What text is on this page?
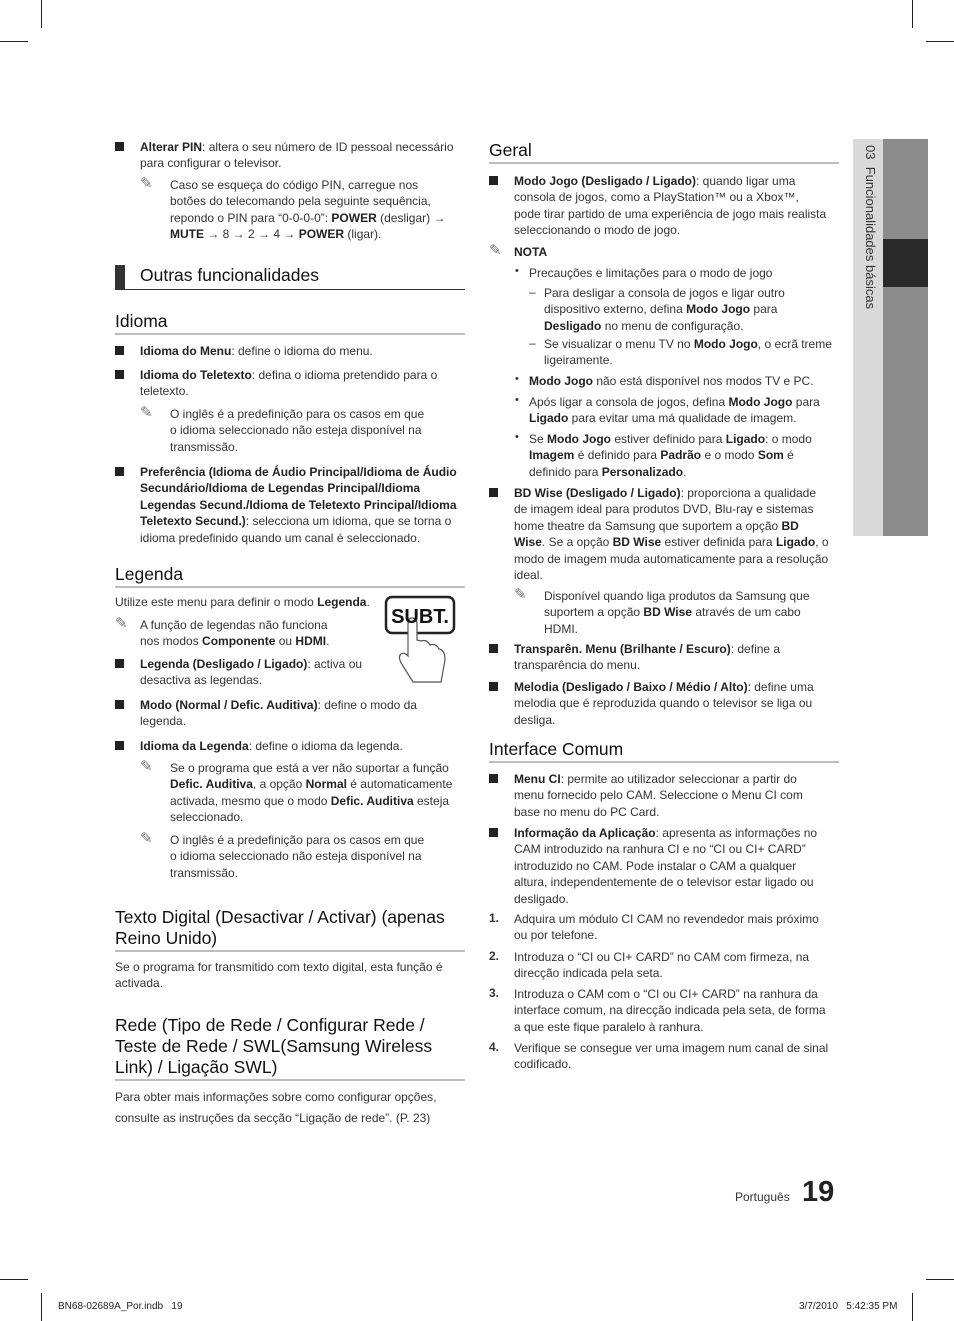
03  Funcionalidades básicas
Alterar PIN: altera o seu número de ID pessoal necessário para configurar o televisor.
✎ Caso se esqueça do código PIN, carregue nos
botões do telecomando pela seguinte sequência,
repondo o PIN para “0-0-0-0”: POWER (desligar) →
MUTE → 8 → 2 → 4 → POWER (ligar).
Outras funcionalidades
Idioma
Idioma do Menu: define o idioma do menu.
Idioma do Teletexto: defina o idioma pretendido para o teletexto.
✎ O inglês é a predefinição para os casos em que
o idioma seleccionado não esteja disponível na
transmissão.
Preferência (Idioma de Áudio Principal/Idioma de Áudio
Secundário/Idioma de Legendas Principal/Idioma
Legendas Secund./Idioma de Teletexto Principal/Idioma
Teletexto Secund.): selecciona um idioma, que se torna o
idioma predefinido quando um canal é seleccionado.
Legenda
Utilize este menu para definir o modo Legenda.
✎ A função de legendas não funciona
nos modos Componente ou HDMI.
SUBT.
Legenda (Desligado / Ligado): activa ou
desactiva as legendas.
Modo (Normal / Defic. Auditiva): define o modo da
legenda.
Idioma da Legenda: define o idioma da legenda.
✎ Se o programa que está a ver não suportar a função
Defic. Auditiva, a opção Normal é automaticamente
activada, mesmo que o modo Defic. Auditiva esteja
seleccionado.
✎ O inglês é a predefinição para os casos em que
o idioma seleccionado não esteja disponível na
transmissão.
Texto Digital (Desactivar / Activar) (apenas
Reino Unido)
Se o programa for transmitido com texto digital, esta função é
activada.
Rede (Tipo de Rede / Configurar Rede /
Teste de Rede / SWL(Samsung Wireless
Link) / Ligação SWL)
Para obter mais informações sobre como configurar opções,
consulte as instruções da secção “Ligação de rede”. (P. 23)
Geral
Modo Jogo (Desligado / Ligado): quando ligar uma
consola de jogos, como a PlayStation™ ou a Xbox™,
pode tirar partido de uma experiência de jogo mais realista
seleccionando o modo de jogo.
✎ NOTA
• Precauções e limitações para o modo de jogo
– Para desligar a consola de jogos e ligar outro
dispositivo externo, defina Modo Jogo para
Desligado no menu de configuração.
– Se visualizar o menu TV no Modo Jogo, o ecrã treme
ligeiramente.
• Modo Jogo não está disponível nos modos TV e PC.
• Após ligar a consola de jogos, defina Modo Jogo para
Ligado para evitar uma má qualidade de imagem.
• Se Modo Jogo estiver definido para Ligado: o modo
Imagem é definido para Padrão e o modo Som é
definido para Personalizado.
BD Wise (Desligado / Ligado): proporciona a qualidade
de imagem ideal para produtos DVD, Blu-ray e sistemas
home theatre da Samsung que suportem a opção BD
Wise. Se a opção BD Wise estiver definida para Ligado, o
modo de imagem muda automaticamente para a resolução
ideal.
✎ Disponível quando liga produtos da Samsung que
suportem a opção BD Wise através de um cabo
HDMI.
Transparên. Menu (Brilhante / Escuro): define a
transparência do menu.
Melodia (Desligado / Baixo / Médio / Alto): define uma
melodia que é reproduzida quando o televisor se liga ou
desliga.
Interface Comum
Menu CI: permite ao utilizador seleccionar a partir do
menu fornecido pelo CAM. Seleccione o Menu CI com
base no menu do PC Card.
Informação da Aplicação: apresenta as informações no
CAM introduzido na ranhura CI e no “CI ou CI+ CARD”
introduzido no CAM. Pode instalar o CAM a qualquer
altura, independentemente de o televisor estar ligado ou
desligado.
1. Adquira um módulo CI CAM no revendedor mais próximo
ou por telefone.
2. Introduza o “CI ou CI+ CARD” no CAM com firmeza, na
direcção indicada pela seta.
3. Introduza o CAM com o “CI ou CI+ CARD” na ranhura da
interface comum, na direcção indicada pela seta, de forma
a que este fique paralelo à ranhura.
4. Verifique se consegue ver uma imagem num canal de sinal
codificado.
Português 19
BN68-02689A_Por.indb   19	3/7/2010   5:42:35 PM
